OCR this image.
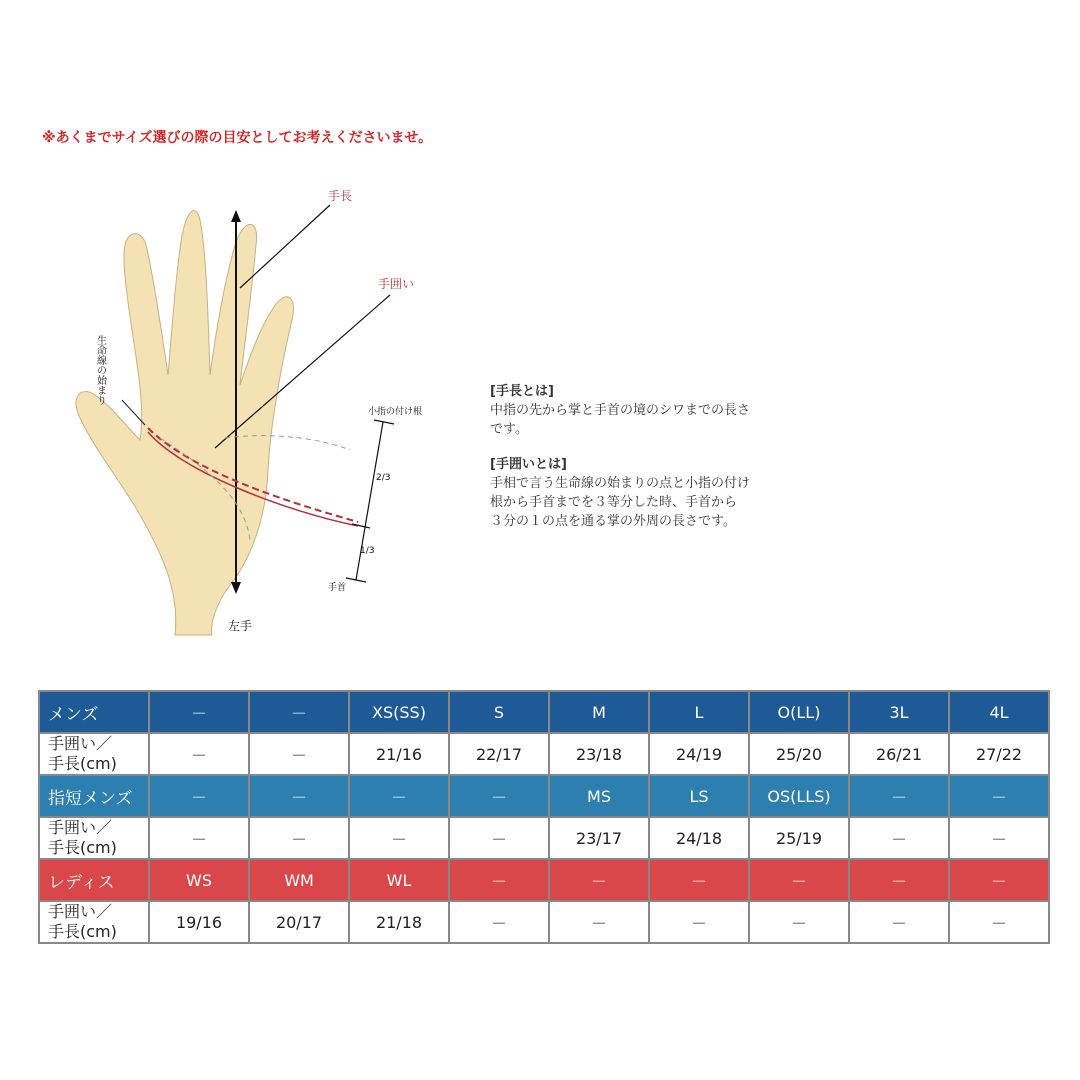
※あくまでサイズ選びの際の目安としてお考えくださいませ。
手長
手囲い
生命線の始まり
小指の付け根
2/3
1/3
手首
左手

[手長とは]

中指の先から掌と手首の境のシワまでの長さ

です。

[手囲いとは]

手相で言う生命線の始まりの点と小指の付け

根から手首までを３等分した時、手首から

３分の１の点を通る掌の外周の長さです。

メンズ	－	－	XS(SS)	S	M	L	O(LL)	3L	4L
手囲い／
手長(cm)	－	－	21/16	22/17	23/18	24/19	25/20	26/21	27/22
指短メンズ	－	－	－	－	MS	LS	OS(LLS)	－	－
手囲い／
手長(cm)	－	－	－	－	23/17	24/18	25/19	－	－
レディス	WS	WM	WL	－	－	－	－	－	－
手囲い／
手長(cm)	19/16	20/17	21/18	－	－	－	－	－	－
